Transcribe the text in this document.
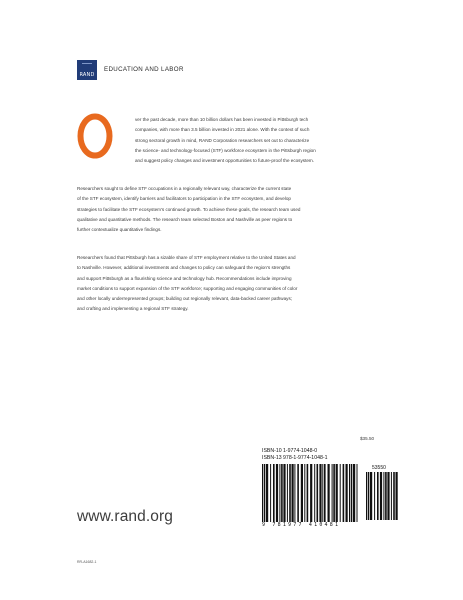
RAND
EDUCATION AND LABOR

ver the past decade, more than 10 billion dollars has been invested in Pittsburgh tech
companies, with more than 3.5 billion invested in 2021 alone. With the context of such
strong sectoral growth in mind, RAND Corporation researchers set out to characterize
the science- and technology-focused (STF) workforce ecosystem in the Pittsburgh region
and suggest policy changes and investment opportunities to future-proof the ecosystem.

Researchers sought to define STF occupations in a regionally relevant way, characterize the current state
of the STF ecosystem, identify barriers and facilitators to participation in the STF ecosystem, and develop
strategies to facilitate the STF ecosystem's continued growth. To achieve these goals, the research team used
qualitative and quantitative methods. The research team selected Boston and Nashville as peer regions to
further contextualize quantitative findings.

Researchers found that Pittsburgh has a sizable share of STF employment relative to the United States and
to Nashville. However, additional investments and changes to policy can safeguard the region's strengths
and support Pittsburgh as a flourishing science and technology hub. Recommendations include improving
market conditions to support expansion of the STF workforce; supporting and engaging communities of color
and other locally underrepresented groups; building out regionally relevant, data-backed career pathways;
and crafting and implementing a regional STF strategy.

$35.50
ISBN-10 1-9774-1048-0
ISBN-13 978-1-9774-1048-1
53550
9 781977 410481
www.rand.org
RR-A1682-1
